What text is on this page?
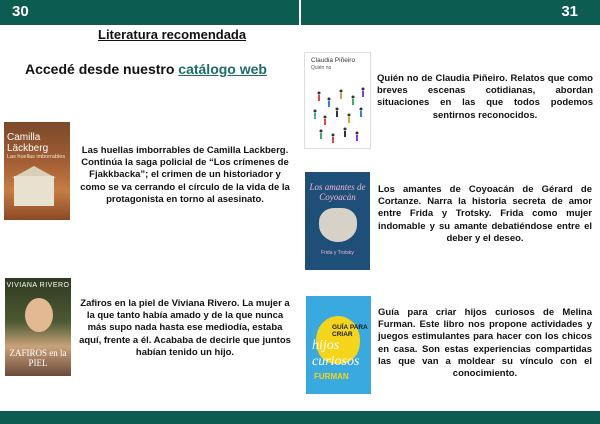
30	31
Literatura recomendada
Accedé desde nuestro catálogo web
Camilla Läckberg
Las huellas imborrables
Las huellas imborrables de Camilla Lackberg. Continúa la saga policial de “Los crímenes de Fjakkbacka”; el crimen de un historiador y como se va cerrando el círculo de la vida de la protagonista en torno al asesinato.
VIVIANA RIVERO
ZAFIROS en la PIEL
Zafiros en la piel de Viviana Rivero. La mujer a la que tanto había amado y de la que nunca más supo nada hasta ese mediodía, estaba aquí, frente a él. Acababa de decirle que juntos habían tenido un hijo.
Claudia Piñeiro
Quién no
Quién no de Claudia Piñeiro. Relatos que como breves escenas cotidianas, abordan situaciones en las que todos podemos sentirnos reconocidos.
Los amantes de Coyoacán
Frida y Trotsky
Los amantes de Coyoacán de Gérard de Cortanze. Narra la historia secreta de amor entre Frida y Trotsky. Frida como mujer indomable y su amante debatiéndose entre el deber y el deseo.
GUÍA PARA CRIAR
hijos curiosos
FURMAN
Guía para criar hijos curiosos de Melina Furman. Este libro nos propone actividades y juegos estimulantes para hacer con los chicos en casa. Son estas experiencias compartidas las que van a moldear su vínculo con el conocimiento.
